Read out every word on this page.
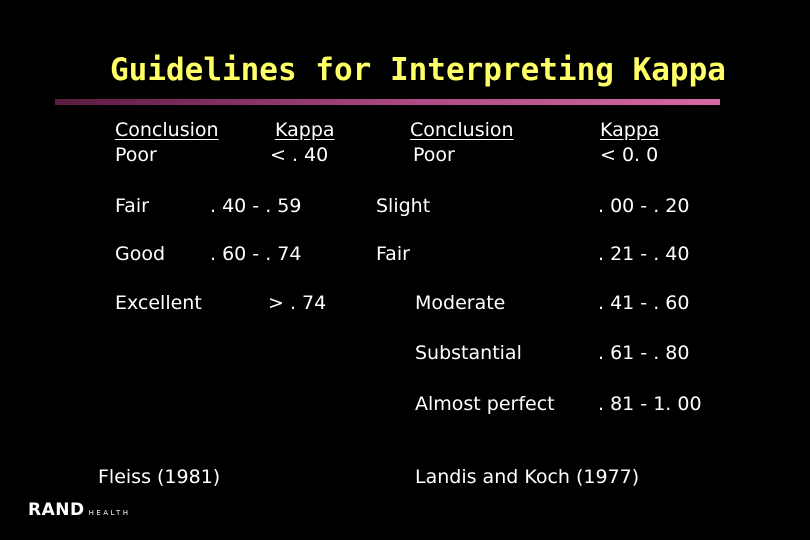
Guidelines for Interpreting Kappa
Conclusion	Kappa
Poor	< . 40
Fair	. 40 - . 59
Good . 60 - . 74
Excellent	> . 74
Fleiss (1981)
Conclusion	Kappa
Poor	< 0. 0
Slight	. 00 - . 20
Fair	. 21 - . 40
Moderate	. 41 - . 60
Substantial	. 61 - . 80
Almost perfect . 81 - 1. 00
Landis and Koch (1977)
RAND HEALTH
